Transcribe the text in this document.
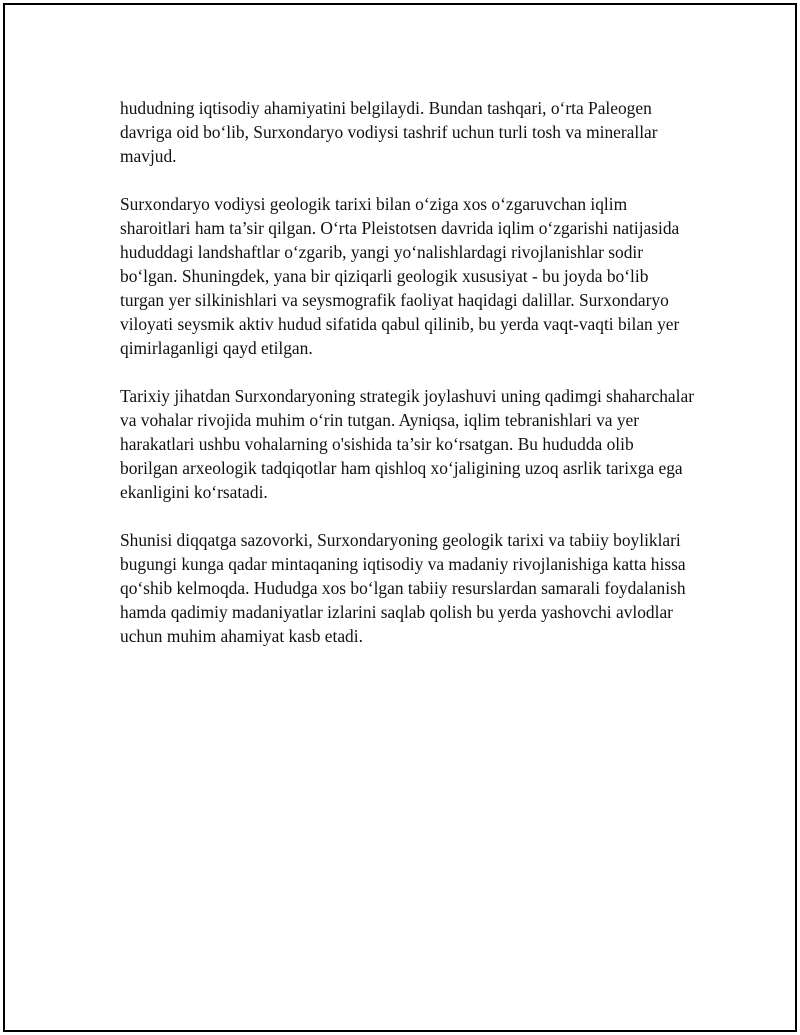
hududning iqtisodiy ahamiyatini belgilaydi. Bundan tashqari, o‘rta Paleogen davriga oid bo‘lib, Surxondaryo vodiysi tashrif uchun turli tosh va minerallar mavjud.

Surxondaryo vodiysi geologik tarixi bilan o‘ziga xos o‘zgaruvchan iqlim sharoitlari ham ta’sir qilgan. O‘rta Pleistotsen davrida iqlim o‘zgarishi natijasida hududdagi landshaftlar o‘zgarib, yangi yo‘nalishlardagi rivojlanishlar sodir bo‘lgan. Shuningdek, yana bir qiziqarli geologik xususiyat - bu joyda bo‘lib turgan yer silkinishlari va seysmografik faoliyat haqidagi dalillar. Surxondaryo viloyati seysmik aktiv hudud sifatida qabul qilinib, bu yerda vaqt-vaqti bilan yer qimirlaganligi qayd etilgan.

Tarixiy jihatdan Surxondaryoning strategik joylashuvi uning qadimgi shaharchalar va vohalar rivojida muhim o‘rin tutgan. Ayniqsa, iqlim tebranishlari va yer harakatlari ushbu vohalarning o'sishida ta’sir ko‘rsatgan. Bu hududda olib borilgan arxeologik tadqiqotlar ham qishloq xo‘jaligining uzoq asrlik tarixga ega ekanligini ko‘rsatadi.

Shunisi diqqatga sazovorki, Surxondaryoning geologik tarixi va tabiiy boyliklari bugungi kunga qadar mintaqaning iqtisodiy va madaniy rivojlanishiga katta hissa qo‘shib kelmoqda. Hududga xos bo‘lgan tabiiy resurslardan samarali foydalanish hamda qadimiy madaniyatlar izlarini saqlab qolish bu yerda yashovchi avlodlar uchun muhim ahamiyat kasb etadi.
